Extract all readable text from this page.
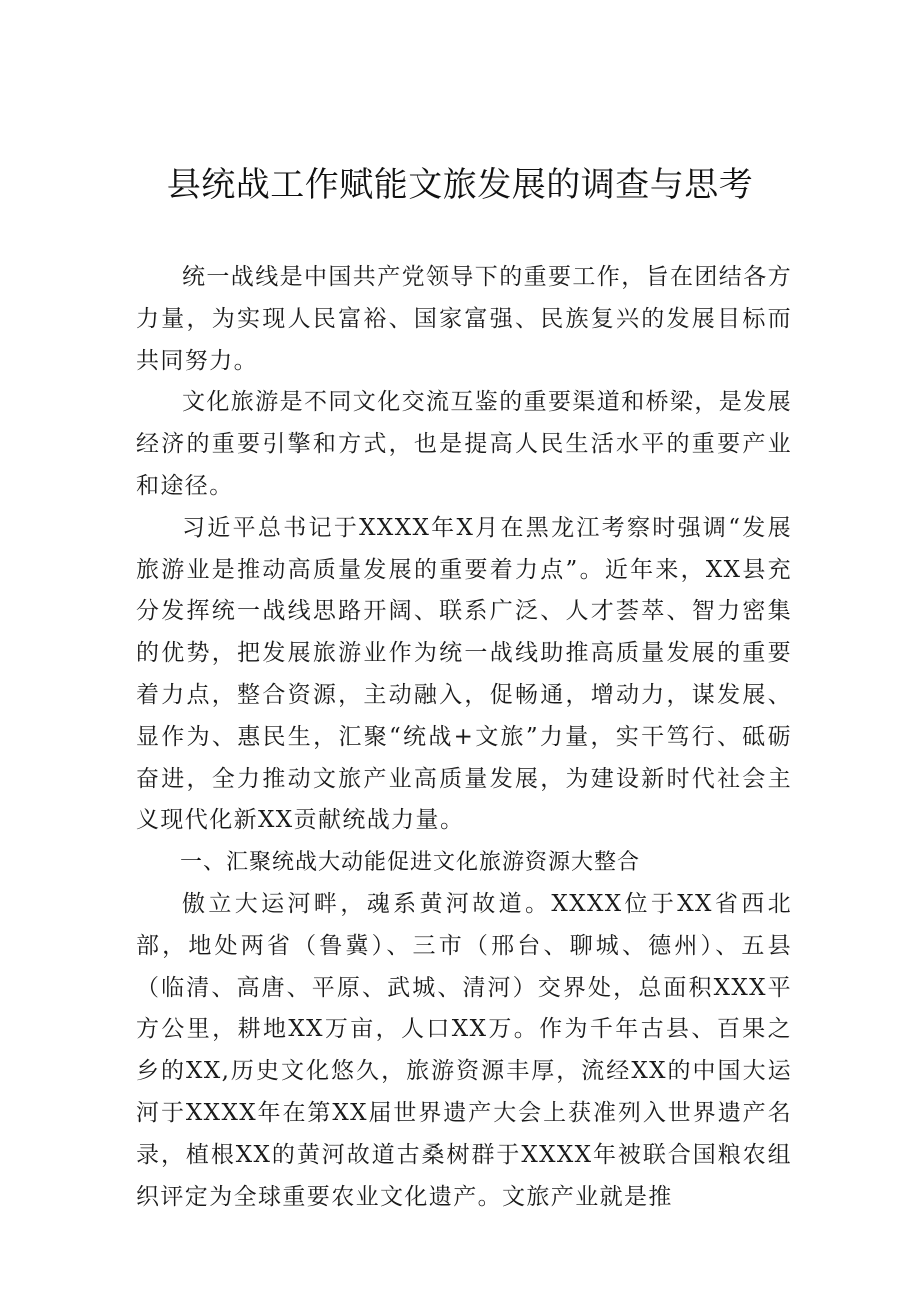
县统战工作赋能文旅发展的调查与思考

统一战线是中国共产党领导下的重要工作，旨在团结各方力量，为实现人民富裕、国家富强、民族复兴的发展目标而共同努力。

文化旅游是不同文化交流互鉴的重要渠道和桥梁，是发展经济的重要引擎和方式，也是提高人民生活水平的重要产业和途径。

习近平总书记于XXXX年X月在黑龙江考察时强调“发展旅游业是推动高质量发展的重要着力点”。近年来，XX县充分发挥统一战线思路开阔、联系广泛、人才荟萃、智力密集的优势，把发展旅游业作为统一战线助推高质量发展的重要着力点，整合资源，主动融入，促畅通，增动力，谋发展、显作为、惠民生，汇聚“统战+文旅”力量，实干笃行、砥砺奋进，全力推动文旅产业高质量发展，为建设新时代社会主义现代化新XX贡献统战力量。

一、汇聚统战大动能促进文化旅游资源大整合

傲立大运河畔，魂系黄河故道。XXXX位于XX省西北部，地处两省（鲁冀）、三市（邢台、聊城、德州）、五县（临清、高唐、平原、武城、清河）交界处，总面积XXX平方公里，耕地XX万亩，人口XX万。作为千年古县、百果之乡的XX,历史文化悠久，旅游资源丰厚，流经XX的中国大运河于XXXX年在第XX届世界遗产大会上获准列入世界遗产名录，植根XX的黄河故道古桑树群于XXXX年被联合国粮农组织评定为全球重要农业文化遗产。文旅产业就是推
